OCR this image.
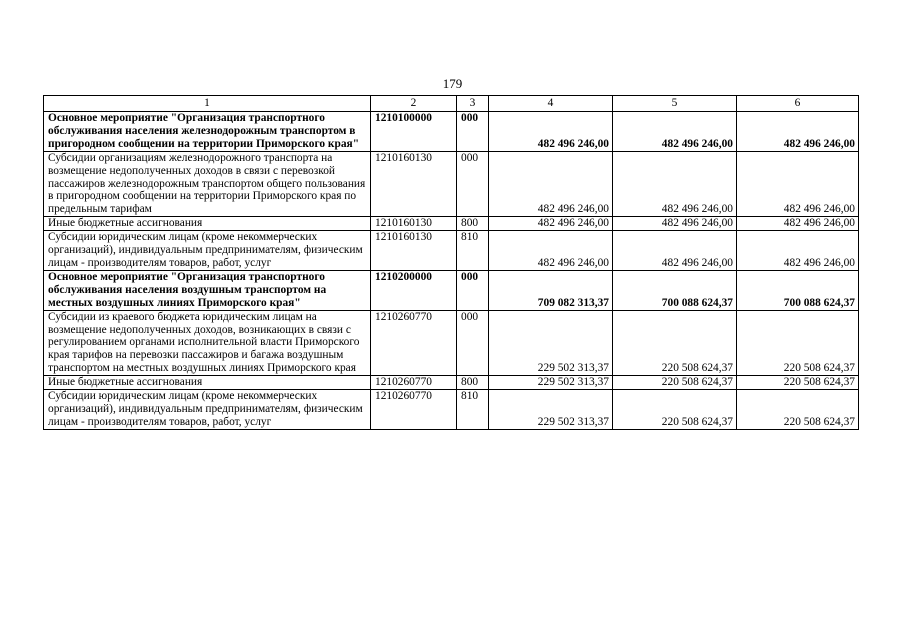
179
1	2	3	4	5	6
Основное мероприятие "Организация транспортного обслуживания населения железнодорожным транспортом в пригородном сообщении на территории Приморского края"	1210100000	000	482 496 246,00	482 496 246,00	482 496 246,00
Субсидии организациям железнодорожного транспорта на возмещение недополученных доходов в связи с перевозкой пассажиров железнодорожным транспортом общего пользования в пригородном сообщении на территории Приморского края по предельным тарифам	1210160130	000	482 496 246,00	482 496 246,00	482 496 246,00
Иные бюджетные ассигнования	1210160130	800	482 496 246,00	482 496 246,00	482 496 246,00
Субсидии юридическим лицам (кроме некоммерческих организаций), индивидуальным предпринимателям, физическим лицам - производителям товаров, работ, услуг	1210160130	810	482 496 246,00	482 496 246,00	482 496 246,00
Основное мероприятие "Организация транспортного обслуживания населения воздушным транспортом на местных воздушных линиях Приморского края"	1210200000	000	709 082 313,37	700 088 624,37	700 088 624,37
Субсидии из краевого бюджета юридическим лицам на возмещение недополученных доходов, возникающих в связи с регулированием органами исполнительной власти Приморского края тарифов на перевозки пассажиров и багажа воздушным транспортом на местных воздушных линиях Приморского края	1210260770	000	229 502 313,37	220 508 624,37	220 508 624,37
Иные бюджетные ассигнования	1210260770	800	229 502 313,37	220 508 624,37	220 508 624,37
Субсидии юридическим лицам (кроме некоммерческих организаций), индивидуальным предпринимателям, физическим лицам - производителям товаров, работ, услуг	1210260770	810	229 502 313,37	220 508 624,37	220 508 624,37
